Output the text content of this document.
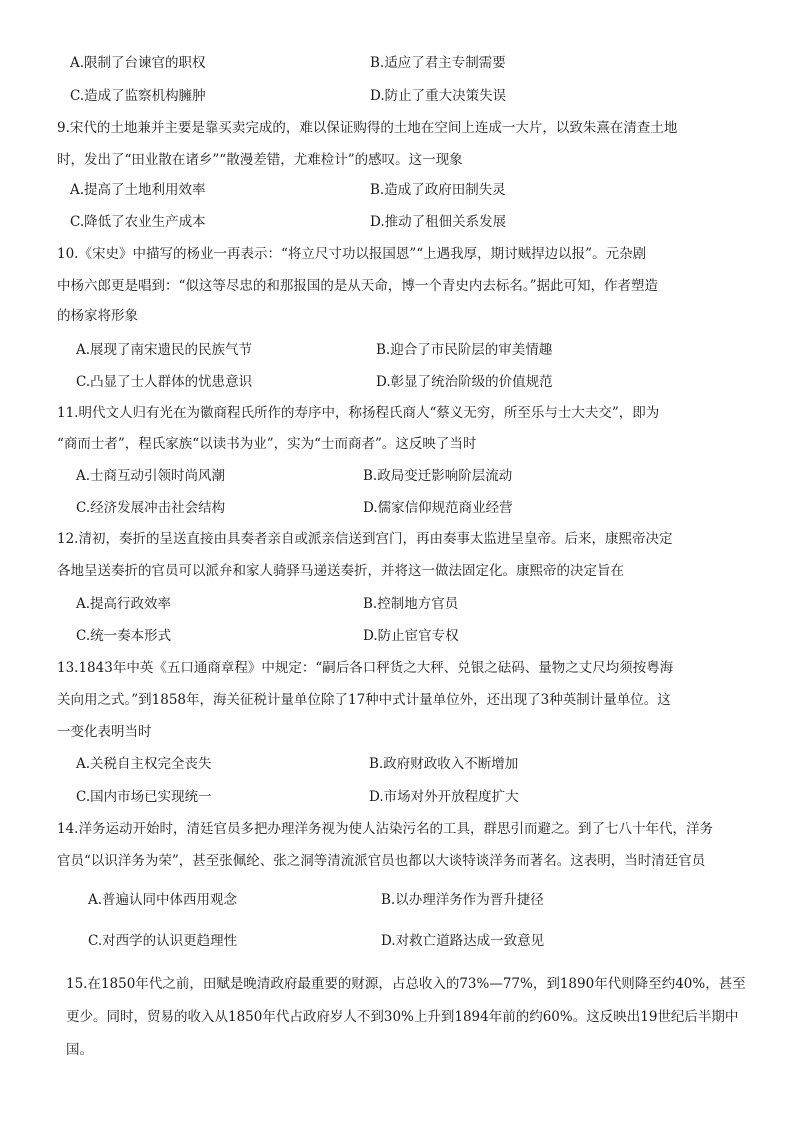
A.限制了台谏官的职权	B.适应了君主专制需要
C.造成了监察机构臃肿	D.防止了重大决策失误
9.宋代的土地兼并主要是靠买卖完成的，难以保证购得的土地在空间上连成一大片，以致朱熹在清查土地
时，发出了“田业散在诸乡”“散漫差错，尤难检计”的感叹。这一现象
A.提高了土地利用效率	B.造成了政府田制失灵
C.降低了农业生产成本	D.推动了租佃关系发展
10.《宋史》中描写的杨业一再表示：“将立尺寸功以报国恩”“上遇我厚，期讨贼捍边以报”。元杂剧
中杨六郎更是唱到：“似这等尽忠的和那报国的是从天命，博一个青史内去标名。”据此可知，作者塑造
的杨家将形象
A.展现了南宋遗民的民族气节	B.迎合了市民阶层的审美情趣
C.凸显了士人群体的忧患意识	D.彰显了统治阶级的价值规范
11.明代文人归有光在为徽商程氏所作的寿序中，称扬程氏商人“蔡义无穷，所至乐与士大夫交”，即为
“商而士者”，程氏家族“以读书为业”，实为“士而商者”。这反映了当时
A.士商互动引领时尚风潮	B.政局变迁影响阶层流动
C.经济发展冲击社会结构	D.儒家信仰规范商业经营
12.清初，奏折的呈送直接由具奏者亲自或派亲信送到宫门，再由奏事太监进呈皇帝。后来，康熙帝决定
各地呈送奏折的官员可以派弁和家人骑驿马递送奏折，并将这一做法固定化。康熙帝的决定旨在
A.提高行政效率	B.控制地方官员
C.统一奏本形式	D.防止宦官专权
13.1843年中英《五口通商章程》中规定：“嗣后各口秤货之大秤、兑银之砝码、量物之丈尺均须按粤海
关向用之式。”到1858年，海关征税计量单位除了17种中式计量单位外，还出现了3种英制计量单位。这
一变化表明当时
A.关税自主权完全丧失	B.政府财政收入不断增加
C.国内市场已实现统一	D.市场对外开放程度扩大
14.洋务运动开始时，清廷官员多把办理洋务视为使人沾染污名的工具，群思引而避之。到了七八十年代，洋务
官员“以识洋务为荣”，甚至张佩纶、张之洞等清流派官员也都以大谈特谈洋务而著名。这表明，当时清廷官员
A.普遍认同中体西用观念	B.以办理洋务作为晋升捷径
C.对西学的认识更趋理性	D.对救亡道路达成一致意见
15.在1850年代之前，田赋是晚清政府最重要的财源，占总收入的73%—77%，到1890年代则降至约40%，甚至
更少。同时，贸易的收入从1850年代占政府岁人不到30%上升到1894年前的约60%。这反映出19世纪后半期中
国。
